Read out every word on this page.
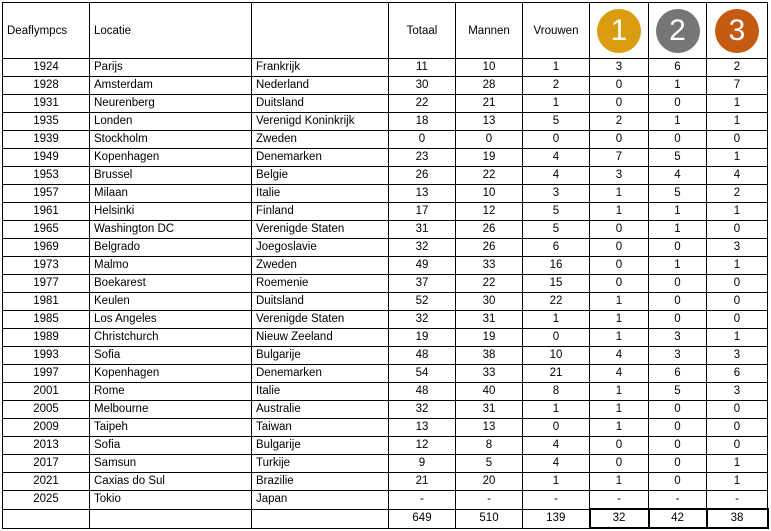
Deaflympcs	Locatie		Totaal	Mannen	Vrouwen	1	2	3
1924	Parijs	Frankrijk	11	10	1	3	6	2
1928	Amsterdam	Nederland	30	28	2	0	1	7
1931	Neurenberg	Duitsland	22	21	1	0	0	1
1935	Londen	Verenigd Koninkrijk	18	13	5	2	1	1
1939	Stockholm	Zweden	0	0	0	0	0	0
1949	Kopenhagen	Denemarken	23	19	4	7	5	1
1953	Brussel	Belgie	26	22	4	3	4	4
1957	Milaan	Italie	13	10	3	1	5	2
1961	Helsinki	Finland	17	12	5	1	1	1
1965	Washington DC	Verenigde Staten	31	26	5	0	1	0
1969	Belgrado	Joegoslavie	32	26	6	0	0	3
1973	Malmo	Zweden	49	33	16	0	1	1
1977	Boekarest	Roemenie	37	22	15	0	0	0
1981	Keulen	Duitsland	52	30	22	1	0	0
1985	Los Angeles	Verenigde Staten	32	31	1	1	0	0
1989	Christchurch	Nieuw Zeeland	19	19	0	1	3	1
1993	Sofia	Bulgarije	48	38	10	4	3	3
1997	Kopenhagen	Denemarken	54	33	21	4	6	6
2001	Rome	Italie	48	40	8	1	5	3
2005	Melbourne	Australie	32	31	1	1	0	0
2009	Taipeh	Taiwan	13	13	0	1	0	0
2013	Sofia	Bulgarije	12	8	4	0	0	0
2017	Samsun	Turkije	9	5	4	0	0	1
2021	Caxias do Sul	Brazilie	21	20	1	1	0	1
2025	Tokio	Japan	-	-	-	-	-	-
			649	510	139	32	42	38
